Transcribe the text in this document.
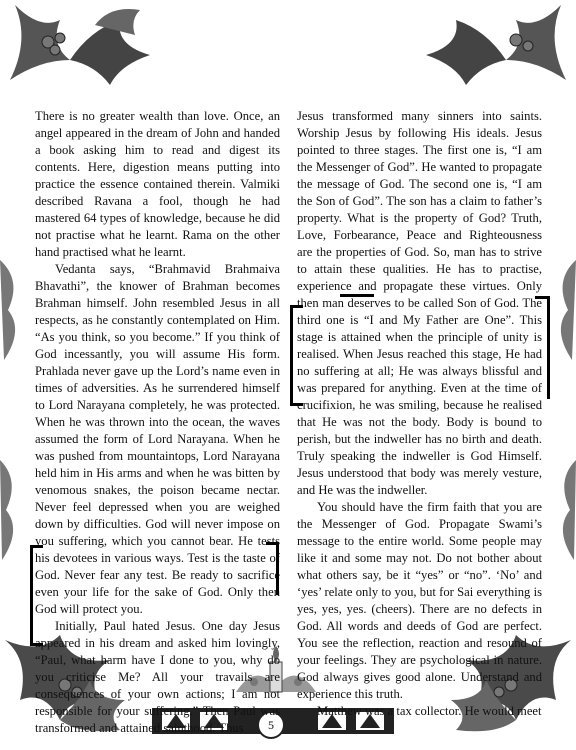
5

There is no greater wealth than love. Once, an angel appeared in the dream of John and handed a book asking him to read and digest its contents. Here, digestion means putting into practice the essence contained therein. Valmiki described Ravana a fool, though he had mastered 64 types of knowledge, because he did not practise what he learnt. Rama on the other hand practised what he learnt.

Vedanta says, “Brahmavid Brahmaiva Bhavathi”, the knower of Brahman becomes Brahman himself. John resembled Jesus in all respects, as he constantly contemplated on Him. “As you think, so you become.” If you think of God incessantly, you will assume His form. Prahlada never gave up the Lord’s name even in times of adversities. As he surrendered himself to Lord Narayana completely, he was protected. When he was thrown into the ocean, the waves assumed the form of Lord Narayana. When he was pushed from mountaintops, Lord Narayana held him in His arms and when he was bitten by venomous snakes, the poison became nectar. Never feel depressed when you are weighed down by difficulties. God will never impose on you suffering, which you cannot bear. He tests his devotees in various ways. Test is the taste of God. Never fear any test. Be ready to sacrifice even your life for the sake of God. Only then God will protect you.

Initially, Paul hated Jesus. One day Jesus appeared in his dream and asked him lovingly, “Paul, what harm have I done to you, why do you criticise Me? All your travails are consequences of your own actions; I am not responsible for your suffering.” Then Paul was transformed and attained sainthood. Thus

Jesus transformed many sinners into saints. Worship Jesus by following His ideals. Jesus pointed to three stages. The first one is, “I am the Messenger of God”. He wanted to propagate the message of God. The second one is, “I am the Son of God”. The son has a claim to father’s property. What is the property of God? Truth, Love, Forbearance, Peace and Righteousness are the properties of God. So, man has to strive to attain these qualities. He has to practise, experience and propagate these virtues. Only then man deserves to be called Son of God. The third one is “I and My Father are One”. This stage is attained when the principle of unity is realised. When Jesus reached this stage, He had no suffering at all; He was always blissful and was prepared for anything. Even at the time of crucifixion, he was smiling, because he realised that He was not the body. Body is bound to perish, but the indweller has no birth and death. Truly speaking the indweller is God Himself. Jesus understood that body was merely vesture, and He was the indweller.

You should have the firm faith that you are the Messenger of God. Propagate Swami’s message to the entire world. Some people may like it and some may not. Do not bother about what others say, be it “yes” or “no”. ‘No’ and ‘yes’ relate only to you, but for Sai everything is yes, yes, yes. (cheers). There are no defects in God. All words and deeds of God are perfect. You see the reflection, reaction and resound of your feelings. They are psychological in nature. God always gives good alone. Understand and experience this truth.

Matthew was a tax collector. He would meet
